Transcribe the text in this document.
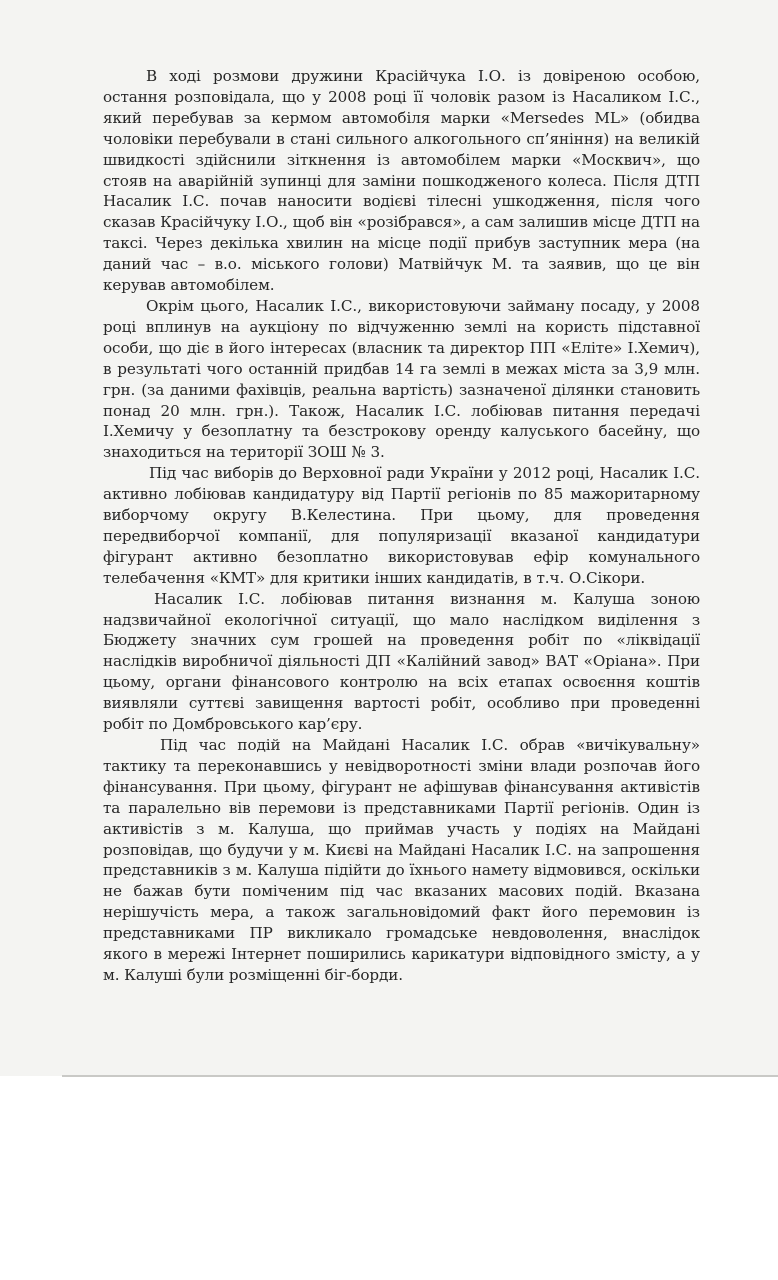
В ході розмови дружини Красійчука І.О. із довіреною особою, остання розповідала, що у 2008 році її чоловік разом із Насаликом І.С., який перебував за кермом автомобіля марки «Mersedes ML» (обидва чоловіки перебували в стані сильного алкогольного сп’яніння) на великій швидкості здійснили зіткнення із автомобілем марки «Москвич», що стояв на аварійній зупинці для заміни пошкодженого колеса. Після ДТП Насалик І.С. почав наносити водієві тілесні ушкодження, після чого сказав Красійчуку І.О., щоб він «розібрався», а сам залишив місце ДТП на таксі. Через декілька хвилин на місце події прибув заступник мера (на даний час – в.о. міського голови) Матвійчук М. та заявив, що це він керував автомобілем.

Окрім цього, Насалик І.С., використовуючи займану посаду, у 2008 році вплинув на аукціону по відчуженню землі на користь підставної особи, що діє в його інтересах (власник та директор ПП «Еліте» І.Хемич), в результаті чого останній придбав 14 га землі в межах міста за 3,9 млн. грн. (за даними фахівців, реальна вартість) зазначеної ділянки становить понад 20 млн. грн.). Також, Насалик І.С. лобіював питання передачі І.Хемичу у безоплатну та безстрокову оренду калуського басейну, що знаходиться на території ЗОШ № 3.

Під час виборів до Верховної ради України у 2012 році, Насалик І.С. активно лобіював кандидатуру від Партії регіонів по 85 мажоритарному виборчому округу В.Келестина. При цьому, для проведення передвиборчої компанії, для популяризації вказаної кандидатури фігурант активно безоплатно використовував ефір комунального телебачення «КМТ» для критики інших кандидатів, в т.ч. О.Сікори.

Насалик І.С. лобіював питання визнання м. Калуша зоною надзвичайної екологічної ситуації, що мало наслідком виділення з Бюджету значних сум грошей на проведення робіт по «ліквідації наслідків виробничої діяльності ДП «Калійний завод» ВАТ «Оріана». При цьому, органи фінансового контролю на всіх етапах освоєння коштів виявляли суттєві завищення вартості робіт, особливо при проведенні робіт по Домбровського кар’єру.

Під час подій на Майдані Насалик І.С. обрав «вичікувальну» тактику та переконавшись у невідворотності зміни влади розпочав його фінансування. При цьому, фігурант не афішував фінансування активістів та паралельно вів перемови із представниками Партії регіонів. Один із активістів з м. Калуша, що приймав участь у подіях на Майдані розповідав, що будучи у м. Києві на Майдані Насалик І.С. на запрошення представників з м. Калуша підійти до їхнього намету відмовився, оскільки не бажав бути поміченим під час вказаних масових подій. Вказана нерішучість мера, а також загальновідомий факт його перемовин із представниками ПР викликало громадське невдоволення, внаслідок якого в мережі Інтернет поширились карикатури відповідного змісту, а у м. Калуші були розміщенні біг-борди.
